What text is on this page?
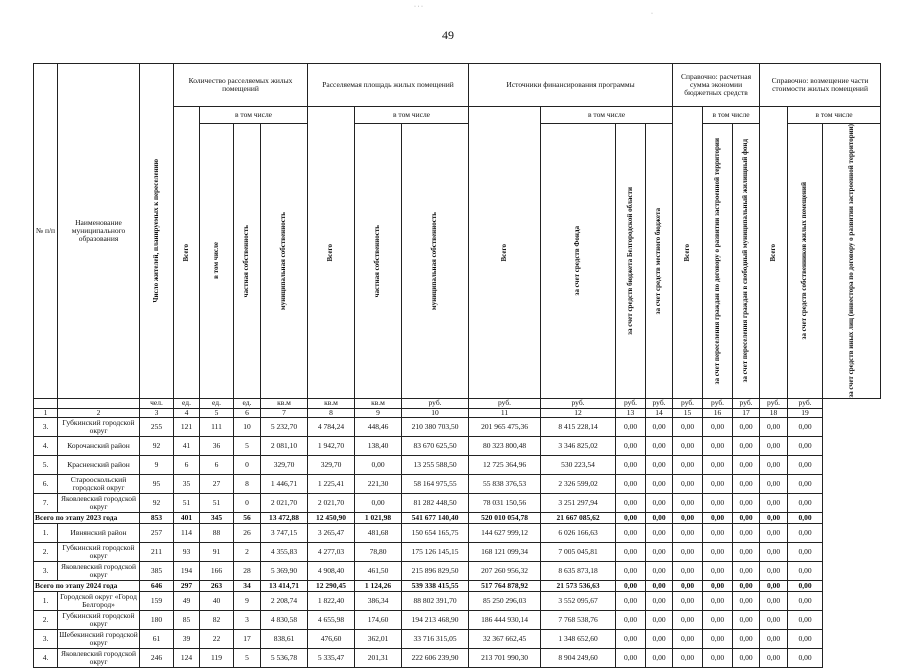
· · ·
·
49
№ п/п	Наименование муниципального образования	Число жителей, планируемых к переселению	Количество расселяемых жилых помещений				Расселяемая площадь жилых помещений			Источники финансирования программы				Справочно: расчетная сумма экономии бюджетных средств			Справочно: возмещение части стоимости жилых помещений		

			Всего	в том числе			Всего	в том числе		Всего	в том числе			Всего	в том числе		Всего	в том числе	

				в том числе	частная собственность	муниципальная собственность		частная собственность	муниципальная собственность		за счет средств Фонда	за счет средств бюджета Белгородской области	за счет средств местного бюджета		за счет переселения граждан по договору о развитии застроенной территории	за счет переселения граждан в свободный муниципальный жилищный фонд		за счет средств собственников жилых помещений	за счет средств иных лиц (инвестора по договору о развитии застроенной территории)

		чел.	ед.	ед.	ед.	кв.м	кв.м	кв.м	руб.	руб.	руб.	руб.	руб.	руб.	руб.	руб.	руб.	руб.	
1	2	3	4	5	6	7	8	9	10	11	12	13	14	15	16	17	18	19	
3.	Губкинский городской округ	255	121	111	10	5 232,70	4 784,24	448,46	210 380 703,50	201 965 475,36	8 415 228,14	0,00	0,00	0,00	0,00	0,00	0,00	0,00	
4.	Корочанский район	92	41	36	5	2 081,10	1 942,70	138,40	83 670 625,50	80 323 800,48	3 346 825,02	0,00	0,00	0,00	0,00	0,00	0,00	0,00	
5.	Красненский район	9	6	6	0	329,70	329,70	0,00	13 255 588,50	12 725 364,96	530 223,54	0,00	0,00	0,00	0,00	0,00	0,00	0,00	
6.	Старооскольский городской округ	95	35	27	8	1 446,71	1 225,41	221,30	58 164 975,55	55 838 376,53	2 326 599,02	0,00	0,00	0,00	0,00	0,00	0,00	0,00	
7.	Яковлевский городской округ	92	51	51	0	2 021,70	2 021,70	0,00	81 282 448,50	78 031 150,56	3 251 297,94	0,00	0,00	0,00	0,00	0,00	0,00	0,00	
Всего по этапу 2023 года		853	401	345	56	13 472,88	12 450,90	1 021,98	541 677 140,40	520 010 054,78	21 667 085,62	0,00	0,00	0,00	0,00	0,00	0,00	0,00	
1.	Ивнянский район	257	114	88	26	3 747,15	3 265,47	481,68	150 654 165,75	144 627 999,12	6 026 166,63	0,00	0,00	0,00	0,00	0,00	0,00	0,00	
2.	Губкинский городской округ	211	93	91	2	4 355,83	4 277,03	78,80	175 126 145,15	168 121 099,34	7 005 045,81	0,00	0,00	0,00	0,00	0,00	0,00	0,00	
3.	Яковлевский городской округ	385	194	166	28	5 369,90	4 908,40	461,50	215 896 829,50	207 260 956,32	8 635 873,18	0,00	0,00	0,00	0,00	0,00	0,00	0,00	
Всего по этапу 2024 года		646	297	263	34	13 414,71	12 290,45	1 124,26	539 338 415,55	517 764 878,92	21 573 536,63	0,00	0,00	0,00	0,00	0,00	0,00	0,00	
1.	Городской округ «Город Белгород»	159	49	40	9	2 208,74	1 822,40	386,34	88 802 391,70	85 250 296,03	3 552 095,67	0,00	0,00	0,00	0,00	0,00	0,00	0,00	
2.	Губкинский городской округ	180	85	82	3	4 830,58	4 655,98	174,60	194 213 468,90	186 444 930,14	7 768 538,76	0,00	0,00	0,00	0,00	0,00	0,00	0,00	
3.	Шебекинский городской округ	61	39	22	17	838,61	476,60	362,01	33 716 315,05	32 367 662,45	1 348 652,60	0,00	0,00	0,00	0,00	0,00	0,00	0,00	
4.	Яковлевский городской округ	246	124	119	5	5 536,78	5 335,47	201,31	222 606 239,90	213 701 990,30	8 904 249,60	0,00	0,00	0,00	0,00	0,00	0,00	0,00	
